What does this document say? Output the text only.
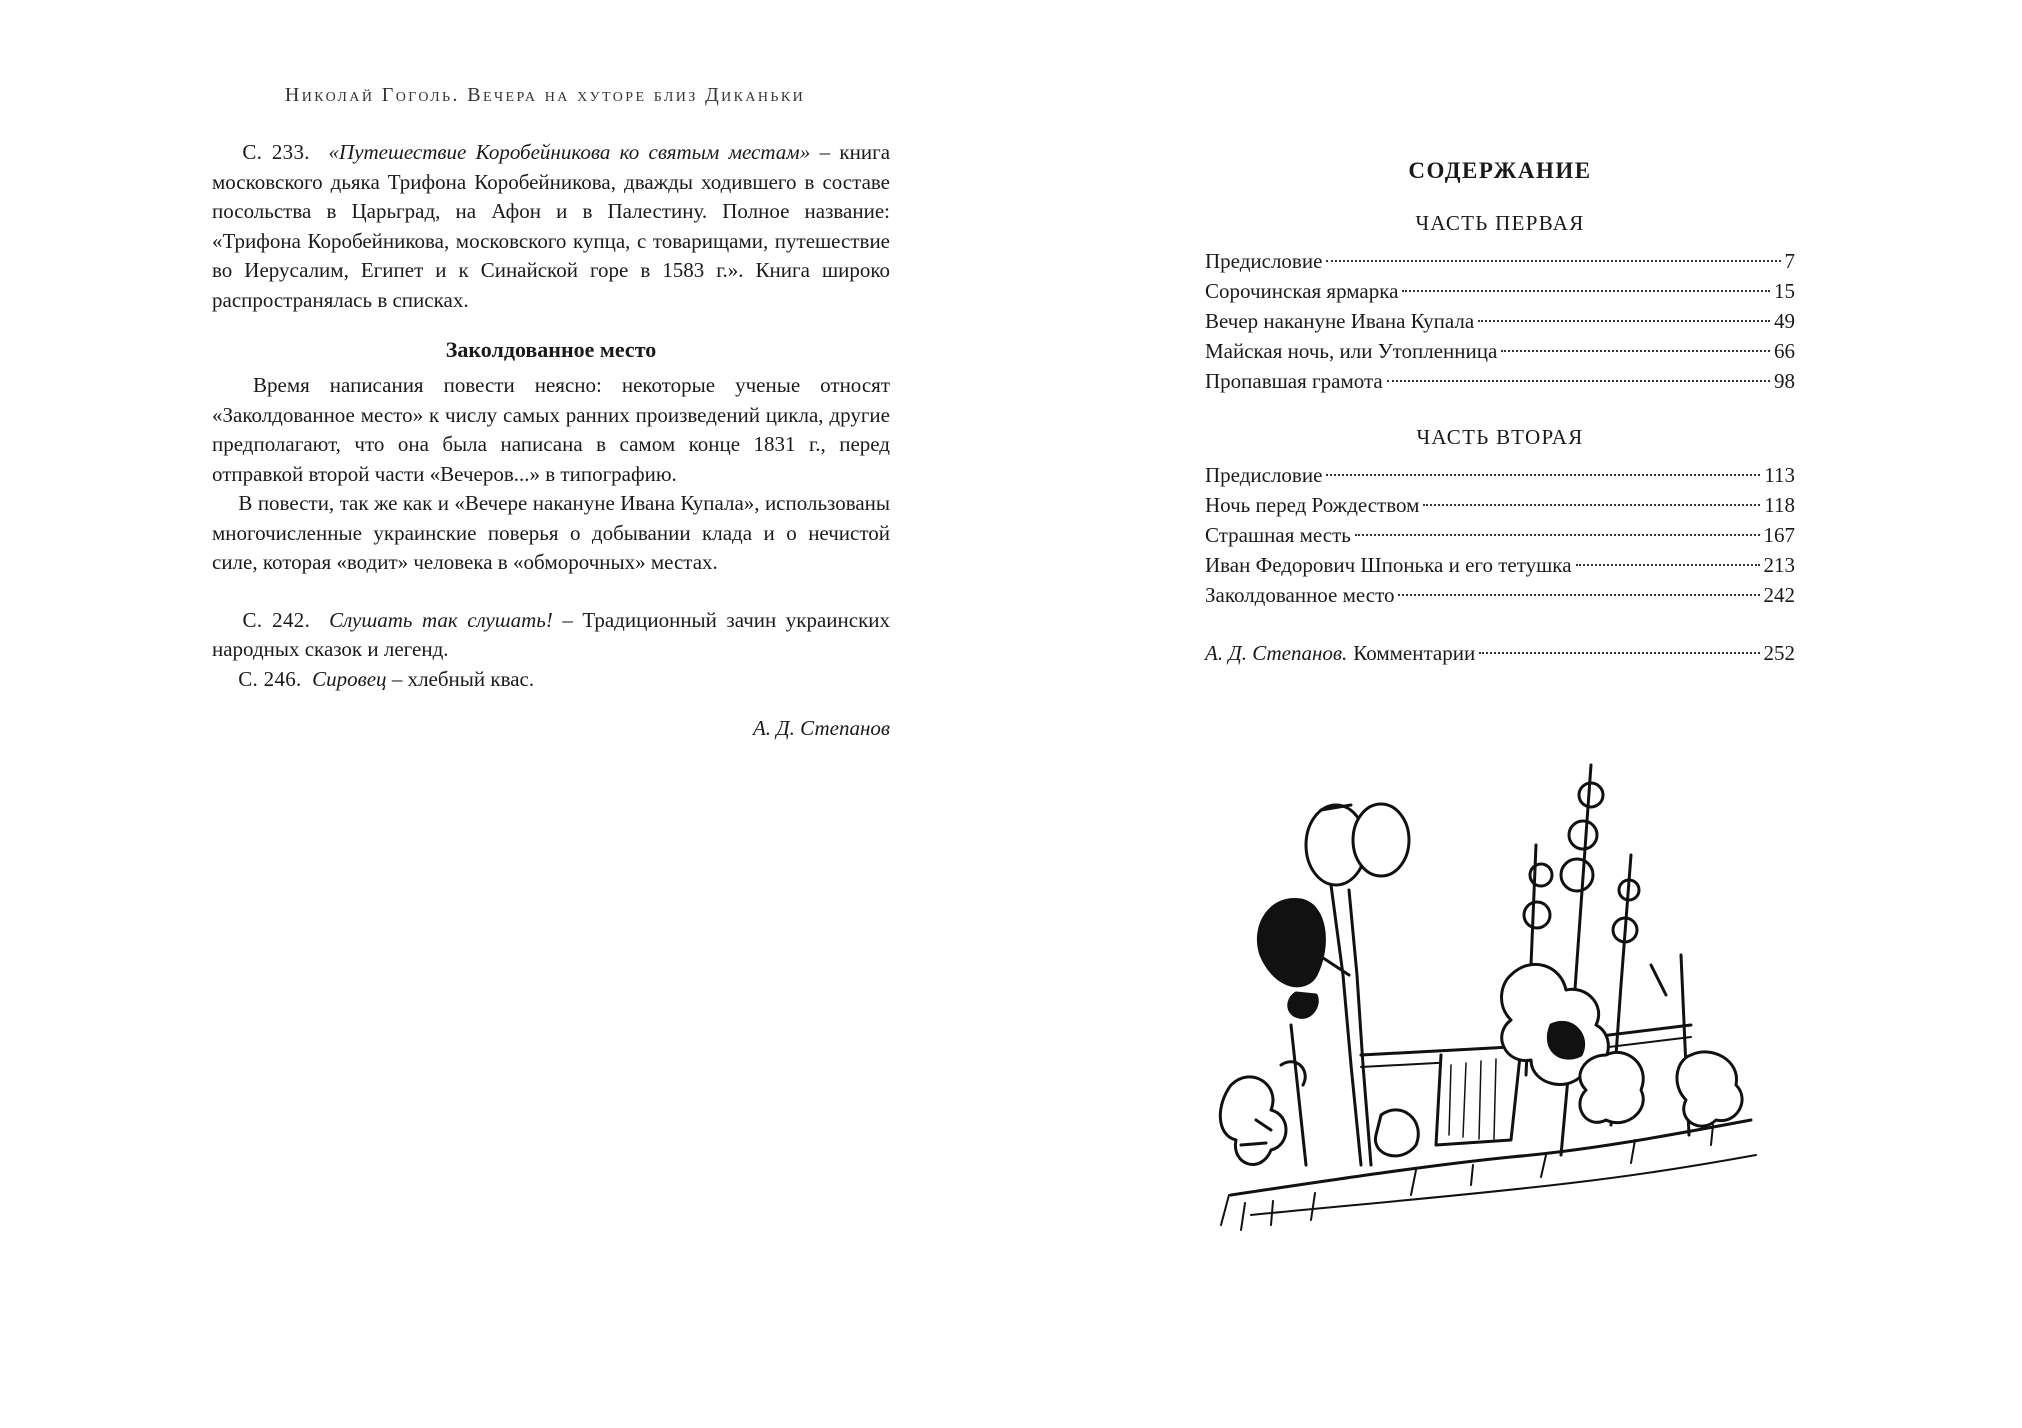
Николай Гоголь. Вечера на хуторе близ Диканьки

  С. 233. «Путешествие Коробейникова ко святым местам» – книга московского дьяка Трифона Коробейникова, дважды ходившего в составе посольства в Царьград, на Афон и в Палестину. Полное название: «Трифона Коробейникова, московского купца, с товарищами, путешествие во Иерусалим, Египет и к Синайской горе в 1583 г.». Книга широко распространялась в списках.

Заколдованное место

  Время написания повести неясно: некоторые ученые относят «Заколдованное место» к числу самых ранних произведений цикла, другие предполагают, что она была написана в самом конце 1831 г., перед отправкой второй части «Вечеров...» в типографию.

  В повести, так же как и «Вечере накануне Ивана Купала», использованы многочисленные украинские поверья о добывании клада и о нечистой силе, которая «водит» человека в «обморочных» местах.

  С. 242. Слушать так слушать! – Традиционный зачин украинских народных сказок и легенд.

  С. 246. Сировец – хлебный квас.

А. Д. Степанов
СОДЕРЖАНИЕ
ЧАСТЬ ПЕРВАЯ
Предисловие	7
Сорочинская ярмарка	15
Вечер накануне Ивана Купала	49
Майская ночь, или Утопленница	66
Пропавшая грамота	98
ЧАСТЬ ВТОРАЯ
Предисловие	113
Ночь перед Рождеством	118
Страшная месть	167
Иван Федорович Шпонька и его тетушка	213
Заколдованное место	242
А. Д. Степанов. Комментарии	252
